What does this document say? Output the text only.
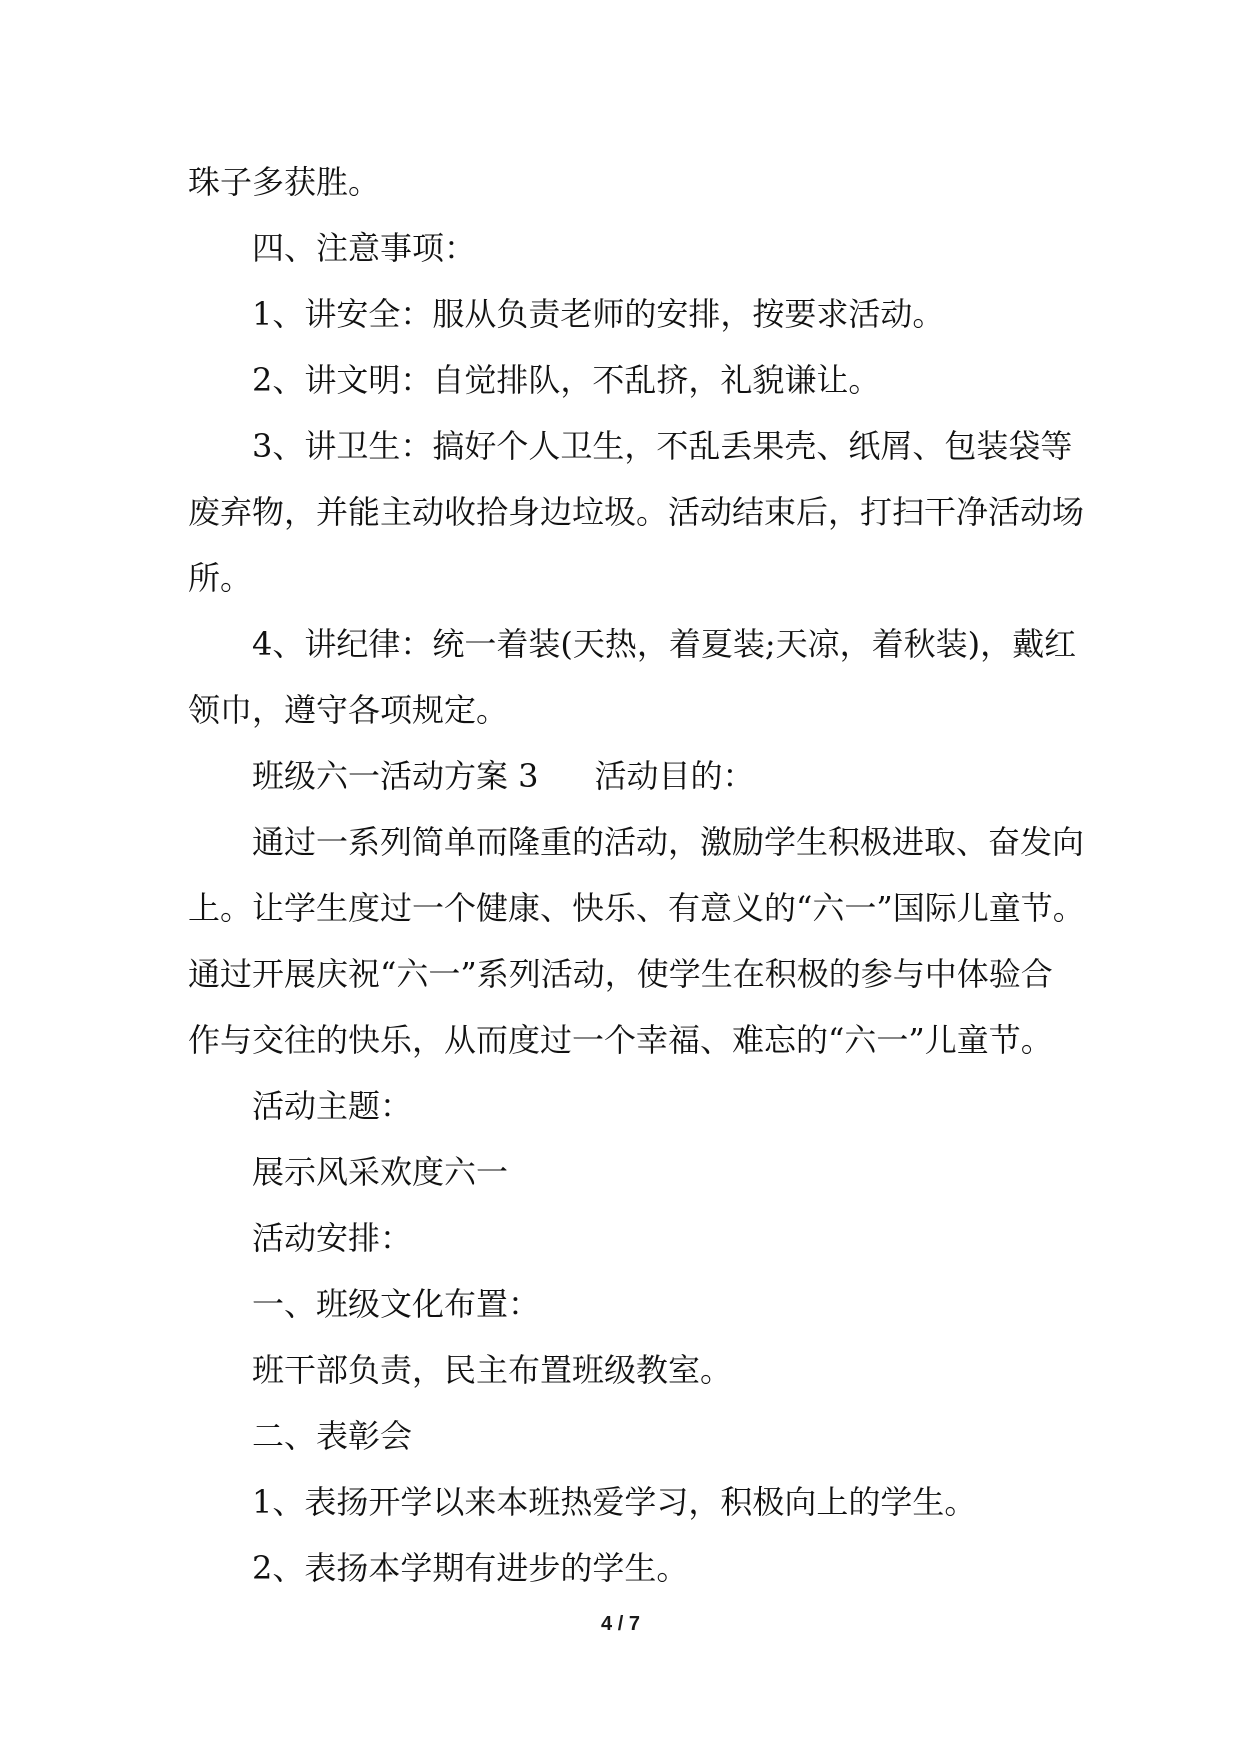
珠子多获胜。
四、注意事项：
1、讲安全：服从负责老师的安排，按要求活动。
2、讲文明：自觉排队，不乱挤，礼貌谦让。
3、讲卫生：搞好个人卫生，不乱丢果壳、纸屑、包装袋等
废弃物，并能主动收拾身边垃圾。活动结束后，打扫干净活动场
所。
4、讲纪律：统一着装(天热，着夏装;天凉，着秋装)，戴红
领巾，遵守各项规定。
班级六一活动方案 3 活动目的：
通过一系列简单而隆重的活动，激励学生积极进取、奋发向
上。让学生度过一个健康、快乐、有意义的“六一”国际儿童节。
通过开展庆祝“六一”系列活动，使学生在积极的参与中体验合
作与交往的快乐，从而度过一个幸福、难忘的“六一”儿童节。
活动主题：
展示风采欢度六一
活动安排：
一、班级文化布置：
班干部负责，民主布置班级教室。
二、表彰会
1、表扬开学以来本班热爱学习，积极向上的学生。
2、表扬本学期有进步的学生。
4 / 7
